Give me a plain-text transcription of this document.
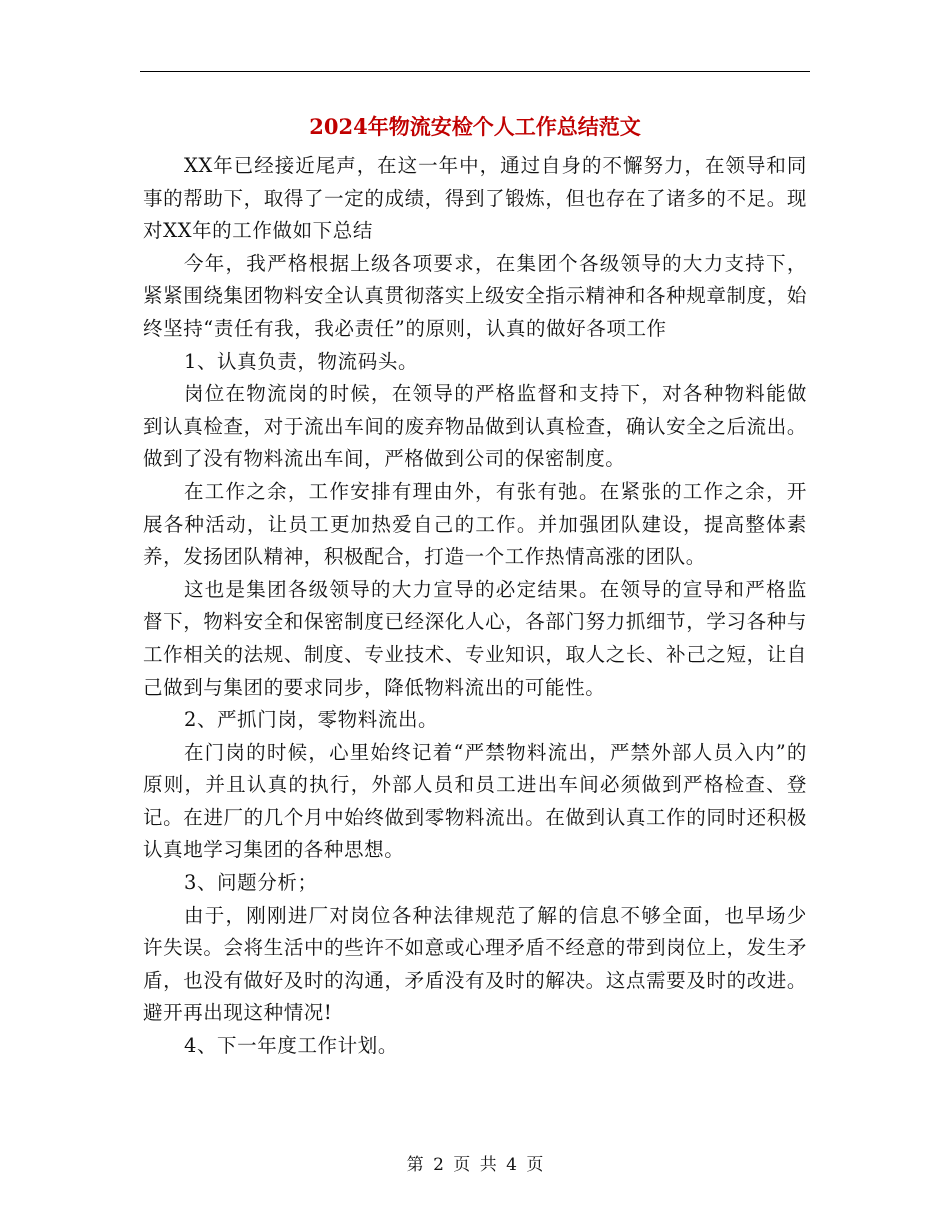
2024年物流安检个人工作总结范文

XX年已经接近尾声，在这一年中，通过自身的不懈努力，在领导和同事的帮助下，取得了一定的成绩，得到了锻炼，但也存在了诸多的不足。现对XX年的工作做如下总结

今年，我严格根据上级各项要求，在集团个各级领导的大力支持下，紧紧围绕集团物料安全认真贯彻落实上级安全指示精神和各种规章制度，始终坚持“责任有我，我必责任”的原则，认真的做好各项工作

1、认真负责，物流码头。

岗位在物流岗的时候，在领导的严格监督和支持下，对各种物料能做到认真检查，对于流出车间的废弃物品做到认真检查，确认安全之后流出。做到了没有物料流出车间，严格做到公司的保密制度。

在工作之余，工作安排有理由外，有张有弛。在紧张的工作之余，开展各种活动，让员工更加热爱自己的工作。并加强团队建设，提高整体素养，发扬团队精神，积极配合，打造一个工作热情高涨的团队。

这也是集团各级领导的大力宣导的必定结果。在领导的宣导和严格监督下，物料安全和保密制度已经深化人心，各部门努力抓细节，学习各种与工作相关的法规、制度、专业技术、专业知识，取人之长、补己之短，让自己做到与集团的要求同步，降低物料流出的可能性。

2、严抓门岗，零物料流出。

在门岗的时候，心里始终记着“严禁物料流出，严禁外部人员入内”的原则，并且认真的执行，外部人员和员工进出车间必须做到严格检查、登记。在进厂的几个月中始终做到零物料流出。在做到认真工作的同时还积极认真地学习集团的各种思想。

3、问题分析；

由于，刚刚进厂对岗位各种法律规范了解的信息不够全面，也早场少许失误。会将生活中的些许不如意或心理矛盾不经意的带到岗位上，发生矛盾，也没有做好及时的沟通，矛盾没有及时的解决。这点需要及时的改进。避开再出现这种情况!

4、下一年度工作计划。

第 2 页 共 4 页
